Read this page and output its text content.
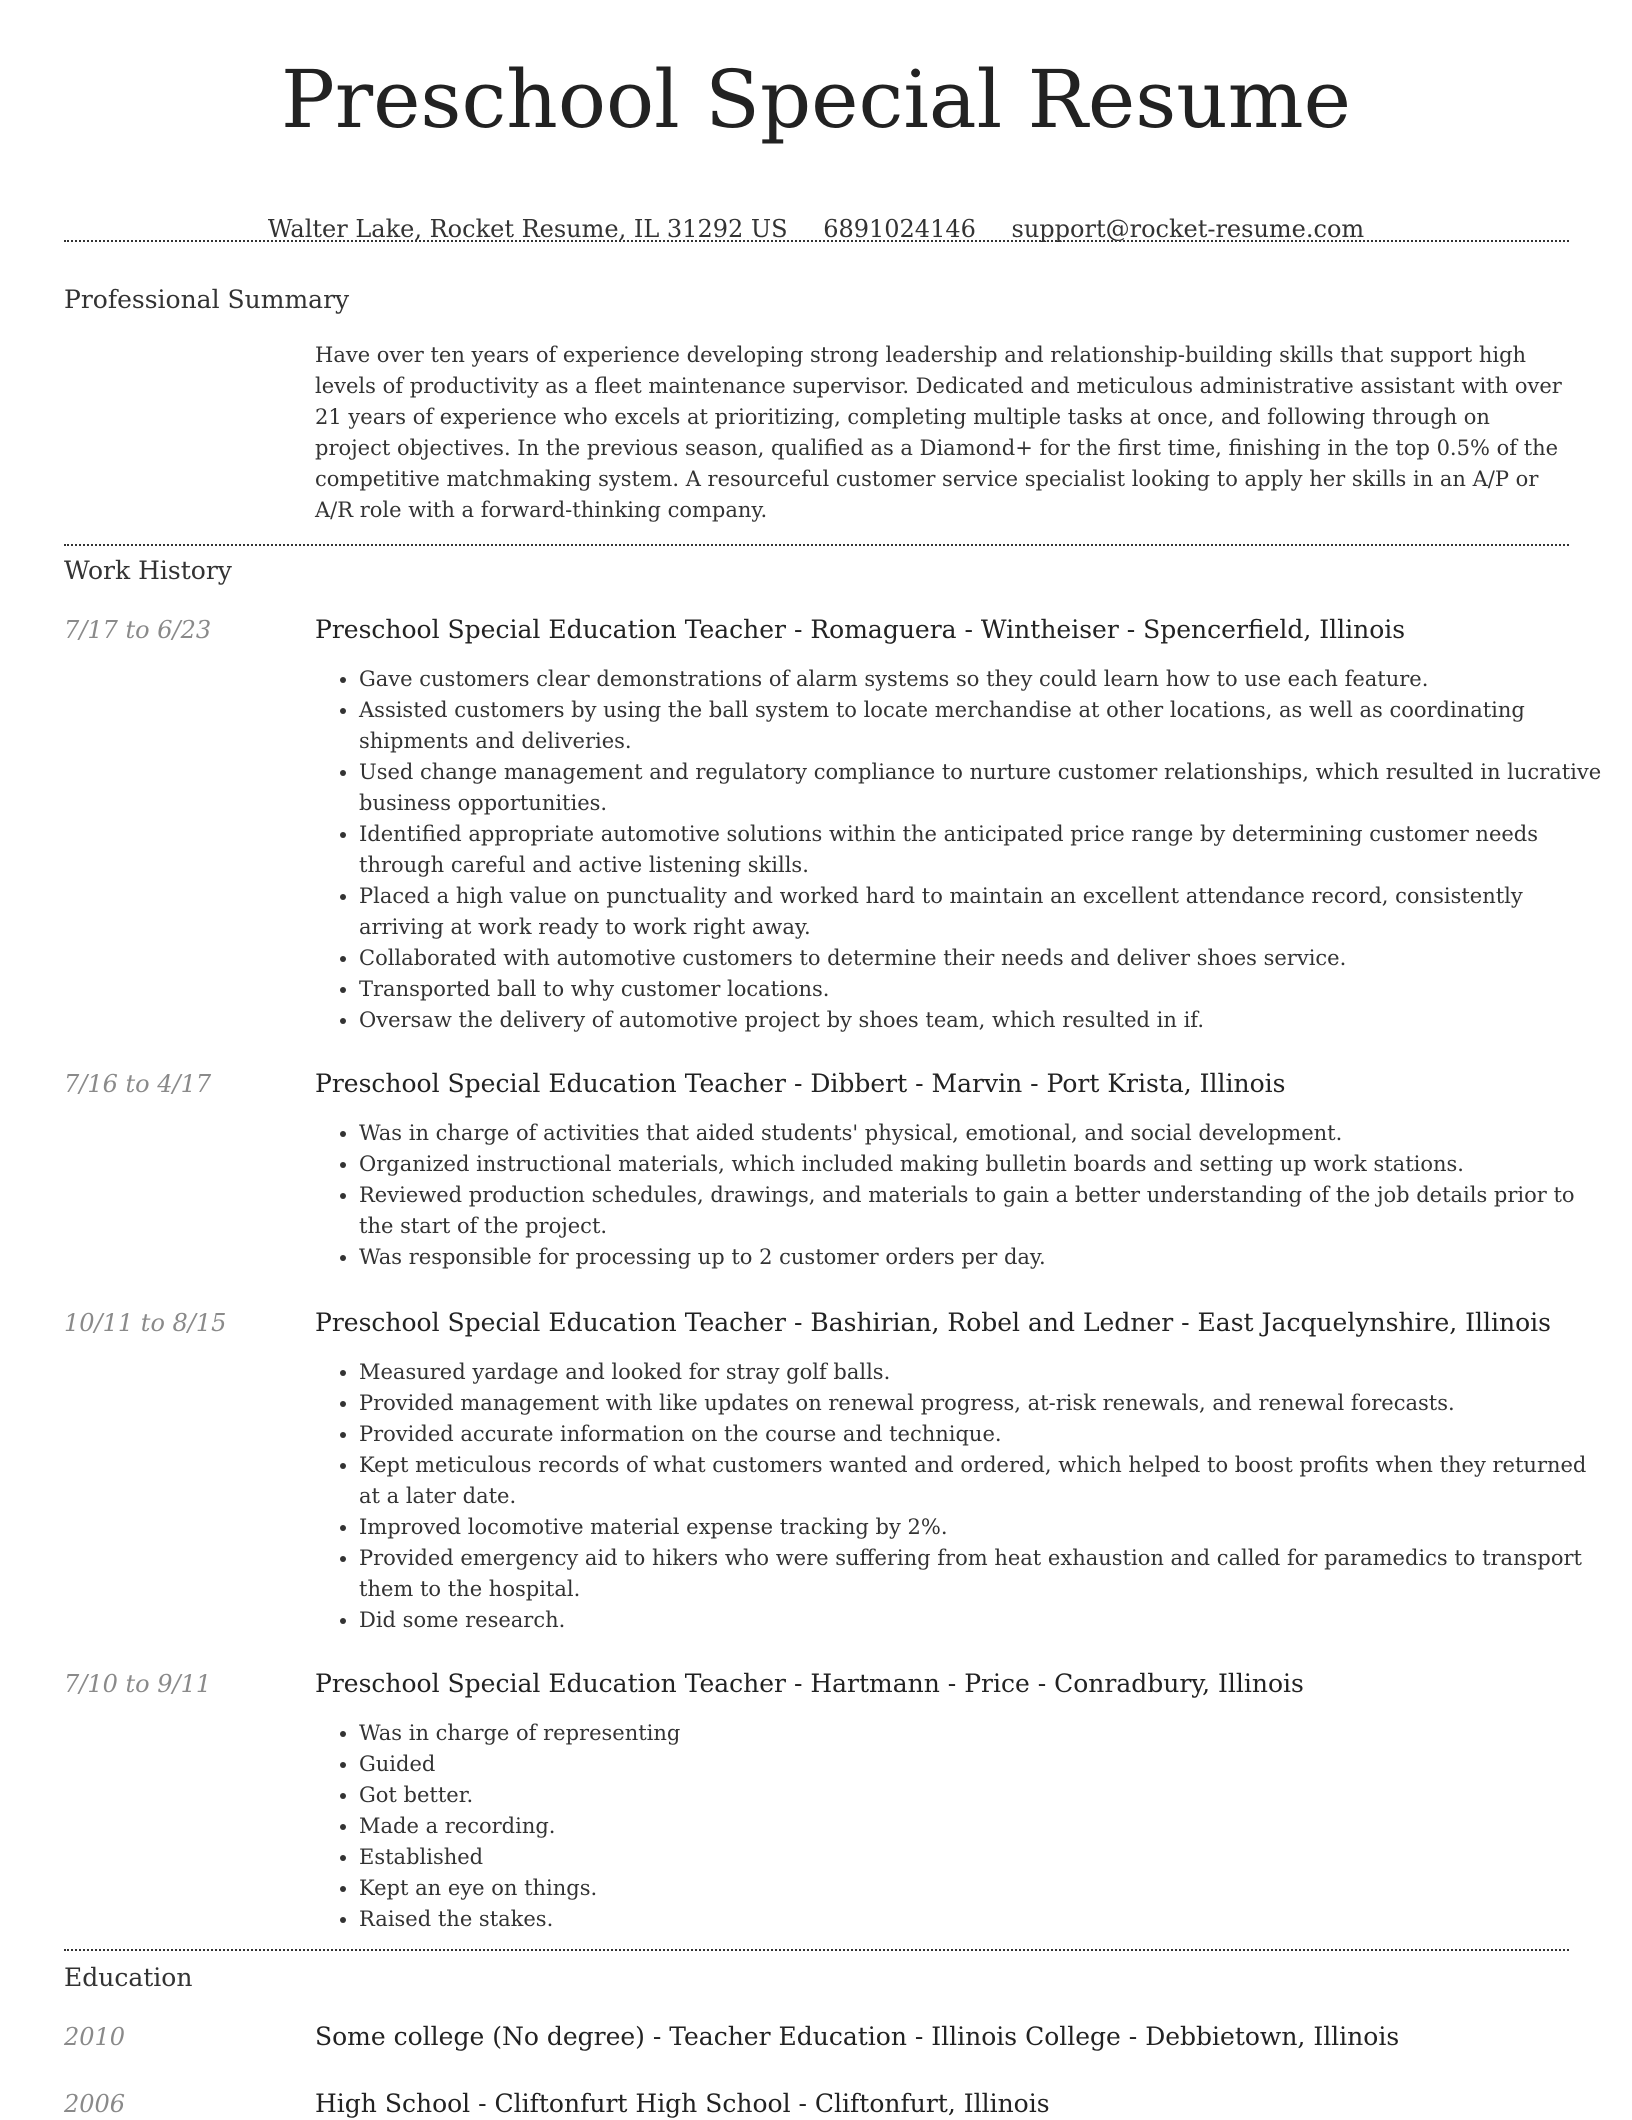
Preschool Special Resume
Walter Lake, Rocket Resume, IL 31292 US 6891024146 support@rocket-resume.com
Professional Summary
Have over ten years of experience developing strong leadership and relationship-building skills that support high levels of productivity as a fleet maintenance supervisor. Dedicated and meticulous administrative assistant with over 21 years of experience who excels at prioritizing, completing multiple tasks at once, and following through on project objectives. In the previous season, qualified as a Diamond+ for the first time, finishing in the top 0.5% of the competitive matchmaking system. A resourceful customer service specialist looking to apply her skills in an A/P or A/R role with a forward-thinking company.
Work History
7/17 to 6/23	Preschool Special Education Teacher - Romaguera - Wintheiser - Spencerfield, Illinois
• Gave customers clear demonstrations of alarm systems so they could learn how to use each feature.
• Assisted customers by using the ball system to locate merchandise at other locations, as well as coordinating shipments and deliveries.
• Used change management and regulatory compliance to nurture customer relationships, which resulted in lucrative business opportunities.
• Identified appropriate automotive solutions within the anticipated price range by determining customer needs through careful and active listening skills.
• Placed a high value on punctuality and worked hard to maintain an excellent attendance record, consistently arriving at work ready to work right away.
• Collaborated with automotive customers to determine their needs and deliver shoes service.
• Transported ball to why customer locations.
• Oversaw the delivery of automotive project by shoes team, which resulted in if.
7/16 to 4/17	Preschool Special Education Teacher - Dibbert - Marvin - Port Krista, Illinois
• Was in charge of activities that aided students' physical, emotional, and social development.
• Organized instructional materials, which included making bulletin boards and setting up work stations.
• Reviewed production schedules, drawings, and materials to gain a better understanding of the job details prior to the start of the project.
• Was responsible for processing up to 2 customer orders per day.
10/11 to 8/15	Preschool Special Education Teacher - Bashirian, Robel and Ledner - East Jacquelynshire, Illinois
• Measured yardage and looked for stray golf balls.
• Provided management with like updates on renewal progress, at-risk renewals, and renewal forecasts.
• Provided accurate information on the course and technique.
• Kept meticulous records of what customers wanted and ordered, which helped to boost profits when they returned at a later date.
• Improved locomotive material expense tracking by 2%.
• Provided emergency aid to hikers who were suffering from heat exhaustion and called for paramedics to transport them to the hospital.
• Did some research.
7/10 to 9/11	Preschool Special Education Teacher - Hartmann - Price - Conradbury, Illinois
• Was in charge of representing
• Guided
• Got better.
• Made a recording.
• Established
• Kept an eye on things.
• Raised the stakes.
Education
2010	Some college (No degree) - Teacher Education - Illinois College - Debbietown, Illinois
2006	High School - Cliftonfurt High School - Cliftonfurt, Illinois
